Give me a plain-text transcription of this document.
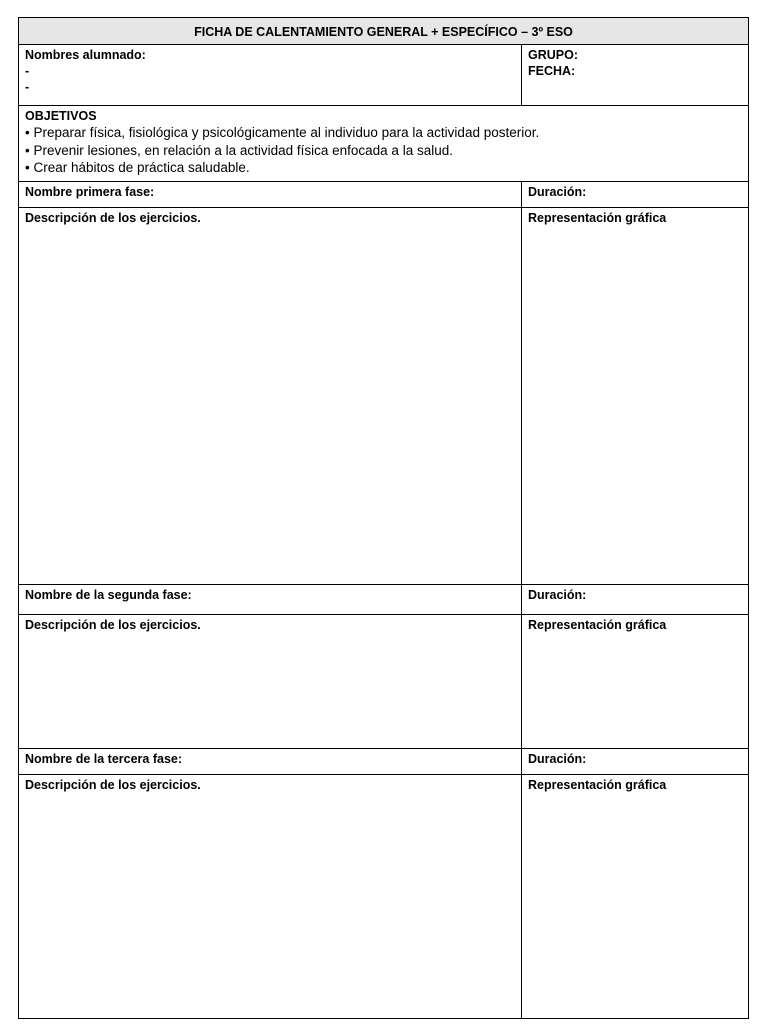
FICHA DE CALENTAMIENTO GENERAL + ESPECÍFICO – 3º ESO
Nombres alumnado:
-
-
GRUPO:
FECHA:
OBJETIVOS
• Preparar física, fisiológica y psicológicamente al individuo para la actividad posterior.
• Prevenir lesiones, en relación a la actividad física enfocada a la salud.
• Crear hábitos de práctica saludable.
Nombre primera fase:	Duración:
Descripción de los ejercicios.	Representación gráfica
Nombre de la segunda fase:	Duración:
Descripción de los ejercicios.	Representación gráfica
Nombre de la tercera fase:	Duración:
Descripción de los ejercicios.	Representación gráfica
